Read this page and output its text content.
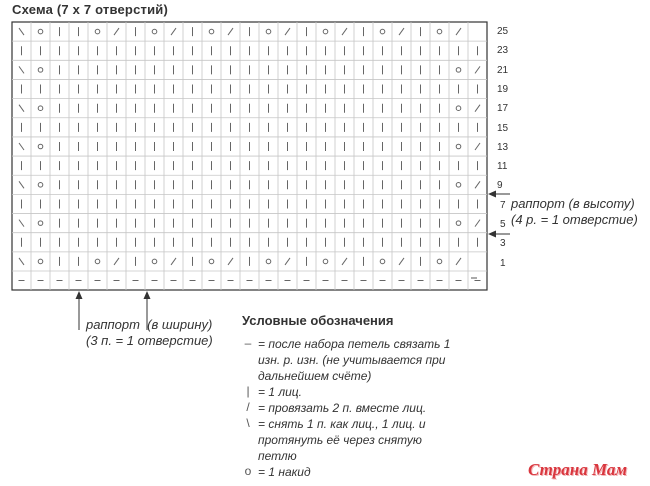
Схема (7 х 7 отверстий)
25
23
21
19
17
15
13
11
9
7
5
3
1
раппорт (в высоту)
(4 р. = 1 отверстие)
раппорт  (в ширину)
(3 п. = 1 отверстие)
Условные обозначения
– = после набора петель связать 1 изн. р. изн. (не учитывается при дальнейшем счёте)
| = 1 лиц.
/ = провязать 2 п. вместе лиц.
\ = снять 1 п. как лиц., 1 лиц. и протянуть её через снятую петлю
o = 1 накид	Страна Мам
